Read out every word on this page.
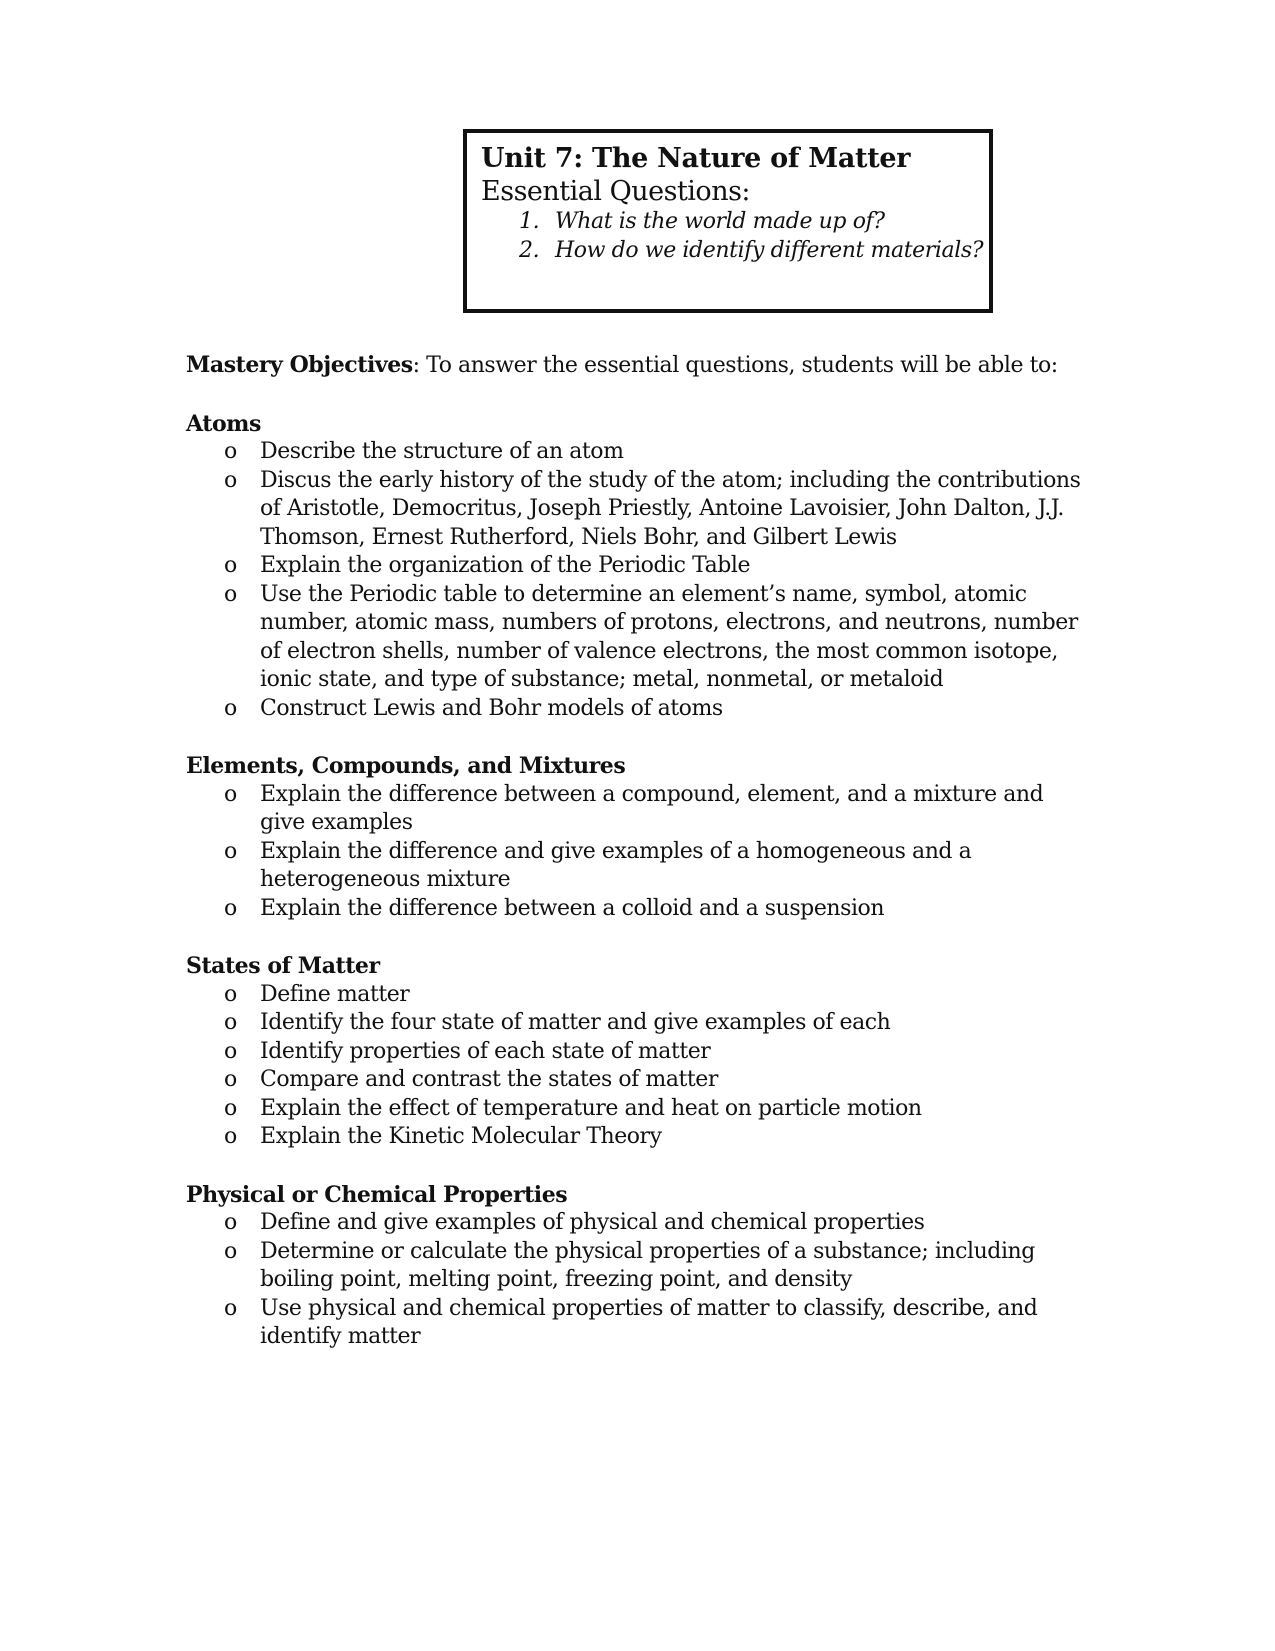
Unit 7: The Nature of Matter
Essential Questions:
1. What is the world made up of?
2. How do we identify different materials?

Mastery Objectives: To answer the essential questions, students will be able to:

Atoms
o Describe the structure of an atom
o Discus the early history of the study of the atom; including the contributions of Aristotle, Democritus, Joseph Priestly, Antoine Lavoisier, John Dalton, J.J. Thomson, Ernest Rutherford, Niels Bohr, and Gilbert Lewis
o Explain the organization of the Periodic Table
o Use the Periodic table to determine an element’s name, symbol, atomic number, atomic mass, numbers of protons, electrons, and neutrons, number of electron shells, number of valence electrons, the most common isotope, ionic state, and type of substance; metal, nonmetal, or metaloid
o Construct Lewis and Bohr models of atoms
Elements, Compounds, and Mixtures
o Explain the difference between a compound, element, and a mixture and give examples
o Explain the difference and give examples of a homogeneous and a heterogeneous mixture
o Explain the difference between a colloid and a suspension
States of Matter
o Define matter
o Identify the four state of matter and give examples of each
o Identify properties of each state of matter
o Compare and contrast the states of matter
o Explain the effect of temperature and heat on particle motion
o Explain the Kinetic Molecular Theory
Physical or Chemical Properties
o Define and give examples of physical and chemical properties
o Determine or calculate the physical properties of a substance; including boiling point, melting point, freezing point, and density
o Use physical and chemical properties of matter to classify, describe, and identify matter
